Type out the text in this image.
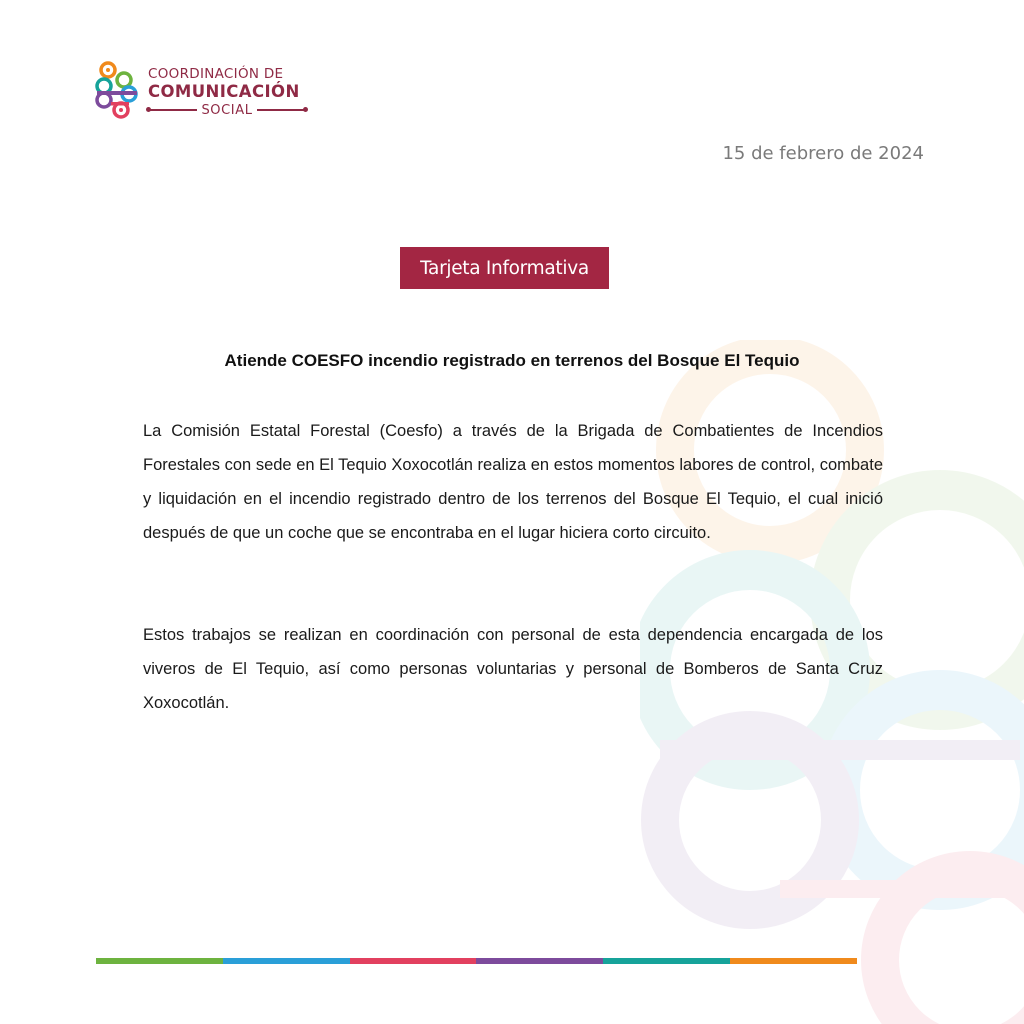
COORDINACIÓN DE
COMUNICACIÓN
SOCIAL
15 de febrero de 2024
Tarjeta Informativa
Atiende COESFO incendio registrado en terrenos del Bosque El Tequio

La Comisión Estatal Forestal (Coesfo) a través de la Brigada de Combatientes de Incendios Forestales con sede en El Tequio Xoxocotlán realiza en estos momentos labores de control, combate y liquidación en el incendio registrado dentro de los terrenos del Bosque El Tequio, el cual inició después de que un coche que se encontraba en el lugar hiciera corto circuito.

Estos trabajos se realizan en coordinación con personal de esta dependencia encargada de los viveros de El Tequio, así como personas voluntarias y personal de Bomberos de Santa Cruz Xoxocotlán.
